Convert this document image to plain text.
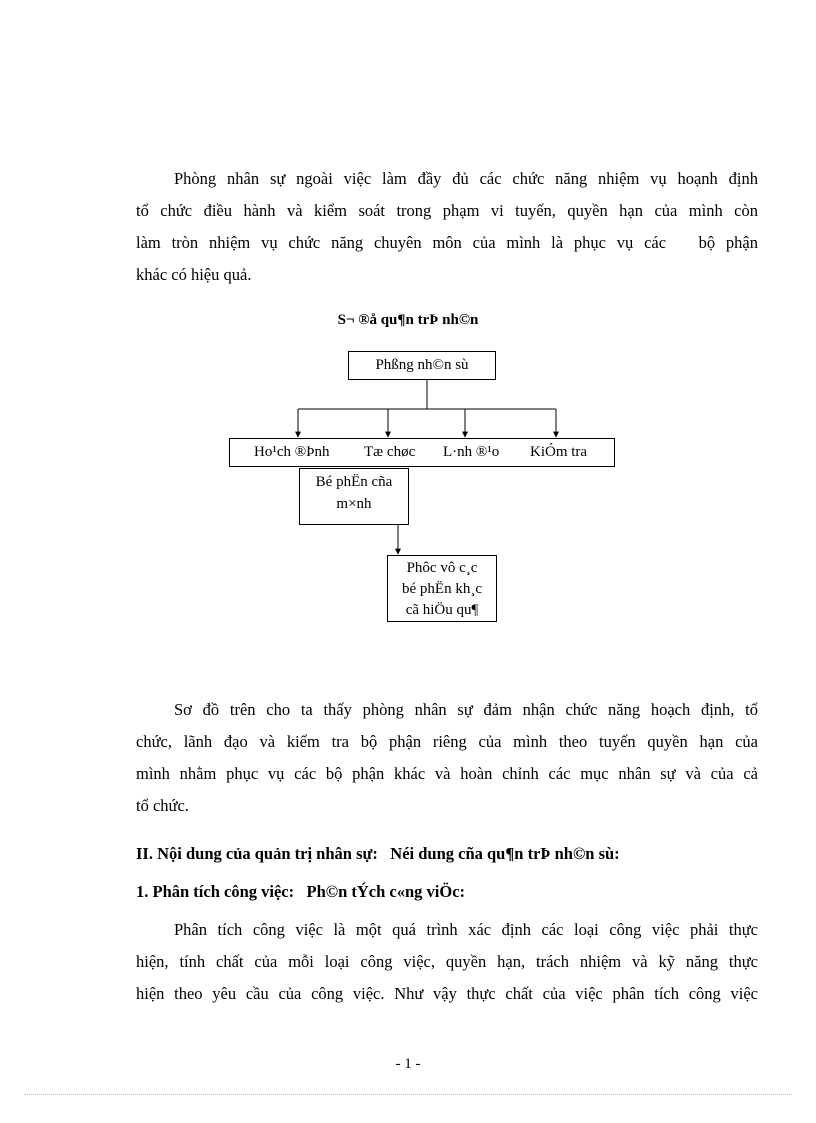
Phòng nhân sự ngoài việc làm đầy đủ các chức năng nhiệm vụ hoạnh định
tổ chức điều hành và kiểm soát trong phạm vi tuyến, quyền hạn của mình còn
làm tròn nhiệm vụ chức năng chuyên môn của mình là phục vụ các   bộ phận
khác có hiệu quả.
S¬ ®å qu¶n trÞ nh©n
Phßng nh©n sù
Ho¹ch ®Þnh Tæ chøc L·nh ®¹o KiÓm tra
Bé phËn cña
m×nh
Phôc vô c¸c
bé phËn kh¸c
cã hiÖu qu¶
Sơ đồ trên cho ta thấy phòng nhân sự đảm nhận chức năng hoạch định, tổ
chức, lãnh đạo và kiểm tra bộ phận riêng của mình theo tuyến quyền hạn của
mình nhằm phục vụ các bộ phận khác và hoàn chỉnh các mục nhân sự và của cả
tổ chức.
II. Nội dung của quản trị nhân sự:   Néi dung cña qu¶n trÞ nh©n sù:
1. Phân tích công việc:   Ph©n tÝch c«ng viÖc:
Phân tích công việc là một quá trình xác định các loại công việc phải thực
hiện, tính chất của mỗi loại công việc, quyền hạn, trách nhiệm và kỹ năng thực
hiện theo yêu cầu của công việc. Như vậy thực chất của việc phân tích công việc
- 1 -
